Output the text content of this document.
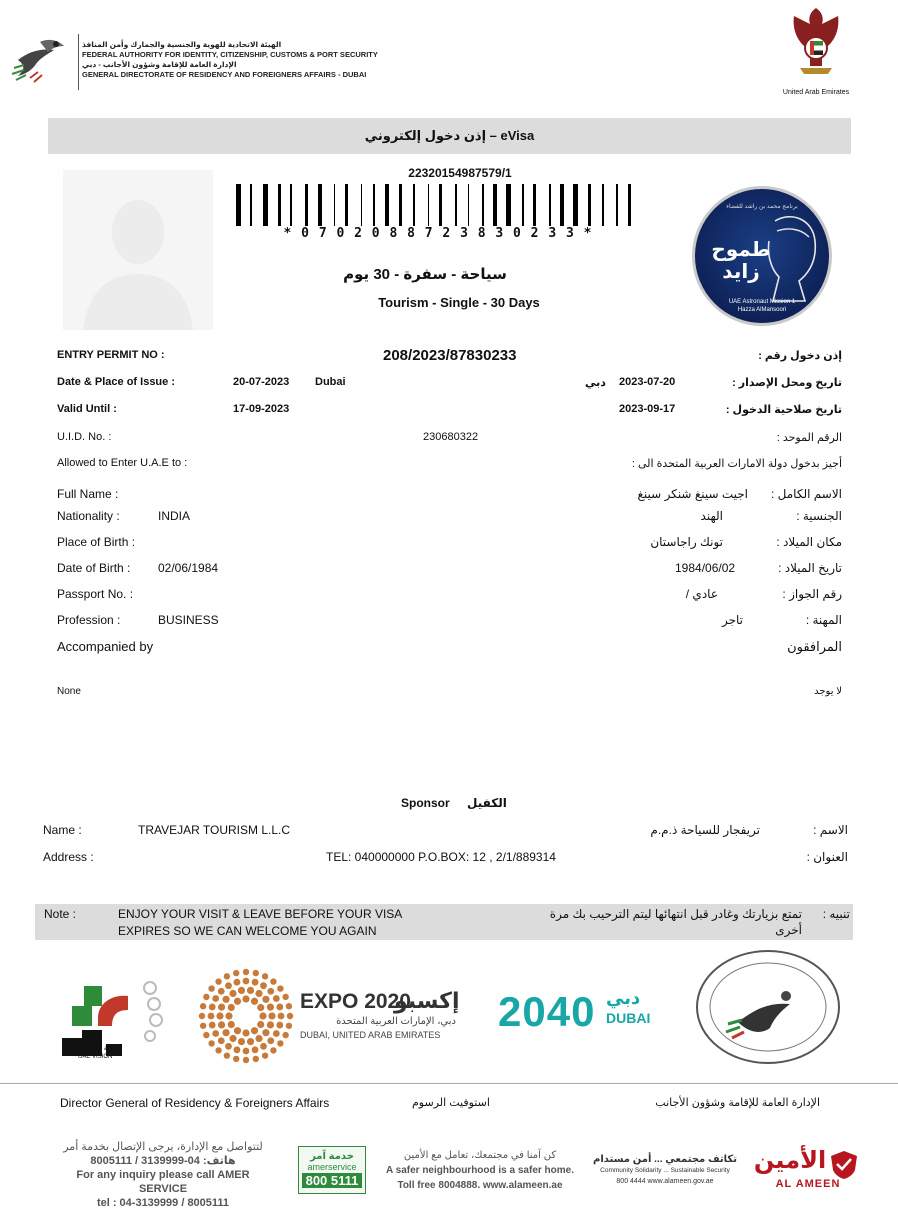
الهيئة الاتحادية للهوية والجنسية والجمارك وأمن المنافذ
FEDERAL AUTHORITY FOR IDENTITY, CITIZENSHIP, CUSTOMS & PORT SECURITY
الإدارة العامة للإقامة وشؤون الأجانب - دبي
GENERAL DIRECTORATE OF RESIDENCY AND FOREIGNERS AFFAIRS - DUBAI
United Arab Emirates
إذن دخول إلكتروني – eVisa
22320154987579/1
* 0 7 0 2 0 8 8 7 2 3 8 3 0 2 3 3 *
برنامج محمد بن راشد للفضاء
طموح زايد
UAE Astronaut Mission 1
Hazza AlMansoori
سياحة - سفرة - 30 يوم
Tourism - Single - 30 Days
ENTRY PERMIT NO :	208/2023/87830233	إذن دخول رقم :
Date & Place of Issue :	20-07-2023 Dubai	دبي 2023-07-20	تاريخ ومحل الإصدار :
Valid Until :	17-09-2023	2023-09-17	تاريخ صلاحية الدخول :
U.I.D. No. :	230680322	الرقم الموحد :
Allowed to Enter U.A.E to :	أجيز بدخول دولة الامارات العربية المتحدة الى :
Full Name :	اجيت سينغ شنكر سينغ الاسم الكامل :
Nationality :	INDIA	الهند	الجنسية :
Place of Birth :	تونك راجاستان	مكان الميلاد :
Date of Birth : 02/06/1984	1984/06/02	تاريخ الميلاد :
Passport No. :	عادي /	رقم الجواز :
Profession :	BUSINESS	تاجر	المهنة :
Accompanied by	المرافقون
None	لا يوجد
Sponsor الكفيل
Name :	TRAVEJAR TOURISM L.L.C	تريفجار للسياحة ذ.م.م	الاسم :
Address :	TEL: 040000000 P.O.BOX: 12 , 2/1/889314	العنوان :
Note :	ENJOY YOUR VISIT & LEAVE BEFORE YOUR VISA
EXPIRES SO WE CAN WELCOME YOU AGAIN
تمتع بزيارتك وغادر قبل انتهائها ليتم الترحيب بك مرة
أخرى
تنبيه :
رؤية الإمارات
UAE VISION
EXPO 2020
إكسبو
دبي، الإمارات العربية المتحدة
DUBAI, UNITED ARAB EMIRATES 2040 دبي
DUBAI
Director General of Residency & Foreigners Affairs	استوفيت الرسوم	الإدارة العامة للإقامة وشؤون الأجانب
لتتواصل مع الإدارة، يرجى الإتصال بخدمة أمر
هاتف: 04-3139999 / 8005111
For any inquiry please call AMER SERVICE
tel : 04-3139999 / 8005111
خدمة آمر
amerservice
800 5111
كن آمنا في مجتمعك، تعامل مع الأمين
A safer neighbourhood is a safer home.
Toll free 8004888. www.alameen.ae
تكاتف مجتمعي ... أمن مستدام
Community Solidarity ... Sustainable Security
800 4444 www.alameen.gov.ae
الأمين
AL AMEEN
